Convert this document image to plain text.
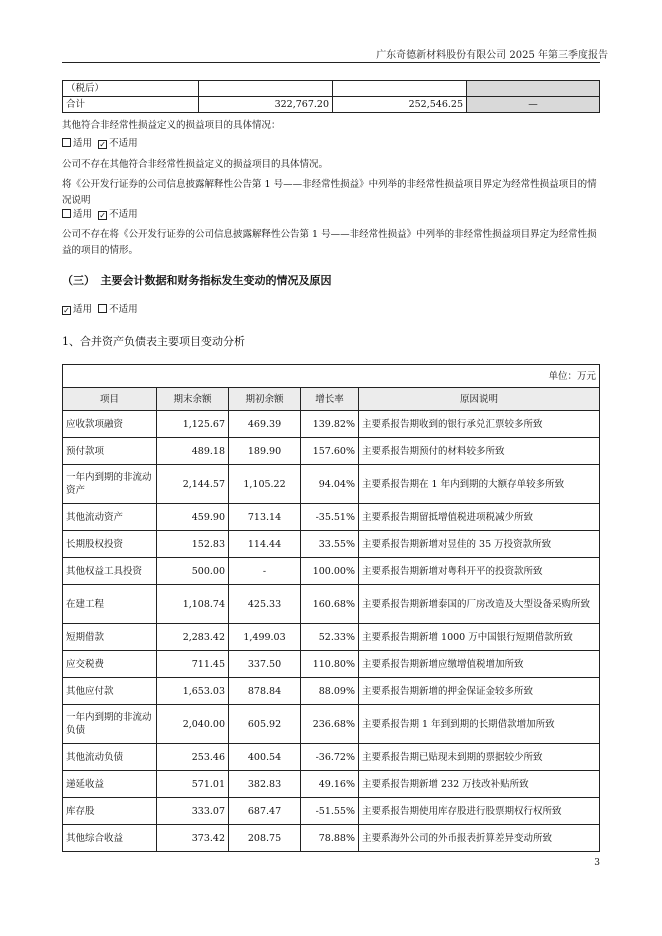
广东奇德新材料股份有限公司 2025 年第三季度报告
（税后）			
合计	322,767.20	252,546.25	—
其他符合非经常性损益定义的损益项目的具体情况：
适用 ✓ 不适用
公司不存在其他符合非经常性损益定义的损益项目的具体情况。
将《公开发行证券的公司信息披露解释性公告第 1 号——非经常性损益》中列举的非经常性损益项目界定为经常性损益项目的情况说明
适用 ✓ 不适用
公司不存在将《公开发行证券的公司信息披露解释性公告第 1 号——非经常性损益》中列举的非经常性损益项目界定为经常性损益的项目的情形。
（三）　主要会计数据和财务指标发生变动的情况及原因
✓ 适用 不适用
1、合并资产负债表主要项目变动分析
单位：万元				
项目	期末余额	期初余额	增长率	原因说明
应收款项融资	1,125.67	469.39	139.82%	主要系报告期收到的银行承兑汇票较多所致
预付款项	489.18	189.90	157.60%	主要系报告期预付的材料较多所致
一年内到期的非流动资产	2,144.57	1,105.22	94.04%	主要系报告期在 1 年内到期的大额存单较多所致
其他流动资产	459.90	713.14	-35.51%	主要系报告期留抵增值税进项税减少所致
长期股权投资	152.83	114.44	33.55%	主要系报告期新增对昱佳的 35 万投资款所致
其他权益工具投资	500.00	-	100.00%	主要系报告期新增对粤科开平的投资款所致
在建工程	1,108.74	425.33	160.68%	主要系报告期新增泰国的厂房改造及大型设备采购所致
短期借款	2,283.42	1,499.03	52.33%	主要系报告期新增 1000 万中国银行短期借款所致
应交税费	711.45	337.50	110.80%	主要系报告期新增应缴增值税增加所致
其他应付款	1,653.03	878.84	88.09%	主要系报告期新增的押金保证金较多所致
一年内到期的非流动负债	2,040.00	605.92	236.68%	主要系报告期 1 年到到期的长期借款增加所致
其他流动负债	253.46	400.54	-36.72%	主要系报告期已贴现未到期的票据较少所致
递延收益	571.01	382.83	49.16%	主要系报告期新增 232 万技改补贴所致
库存股	333.07	687.47	-51.55%	主要系报告期使用库存股进行股票期权行权所致
其他综合收益	373.42	208.75	78.88%	主要系海外公司的外币报表折算差异变动所致
3
